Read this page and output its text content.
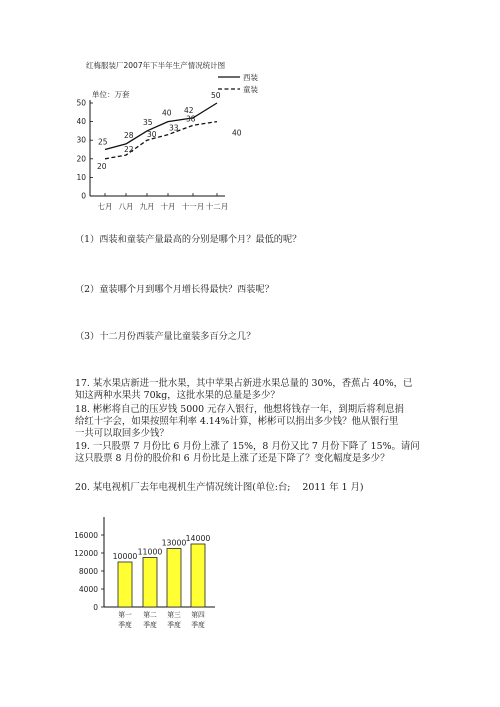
红梅服装厂2007年下半年生产情况统计图
0
10
20
30
40
50
七月 八月 九月 十月 十一月 十二月
25
28
35
40 42
50
20
22
30
33
38
40
单位：万套
西装
童装
（1）西装和童装产量最高的分别是哪个月？最低的呢？
（2）童装哪个月到哪个月增长得最快？西装呢？
（3）十二月份西装产量比童装多百分之几？
17. 某水果店新进一批水果，其中苹果占新进水果总量的 30%，香蕉占 40%，已
知这两种水果共 70kg，这批水果的总量是多少？
18. 彬彬将自己的压岁钱 5000 元存入银行，他想将钱存一年，到期后将利息捐
给红十字会，如果按照年利率 4.14%计算，彬彬可以捐出多少钱？他从银行里
一共可以取回多少钱？
19. 一只股票 7 月份比 6 月份上涨了 15%，8 月份又比 7 月份下降了 15%。请问
这只股票 8 月份的股价和 6 月份比是上涨了还是下降了？变化幅度是多少？
20. 某电视机厂去年电视机生产情况统计图(单位:台; 2011 年 1 月)
0
4000
8000
12000
16000
10000 11000
13000 14000
第一
季度
第二
季度
第三
季度
第四
季度
